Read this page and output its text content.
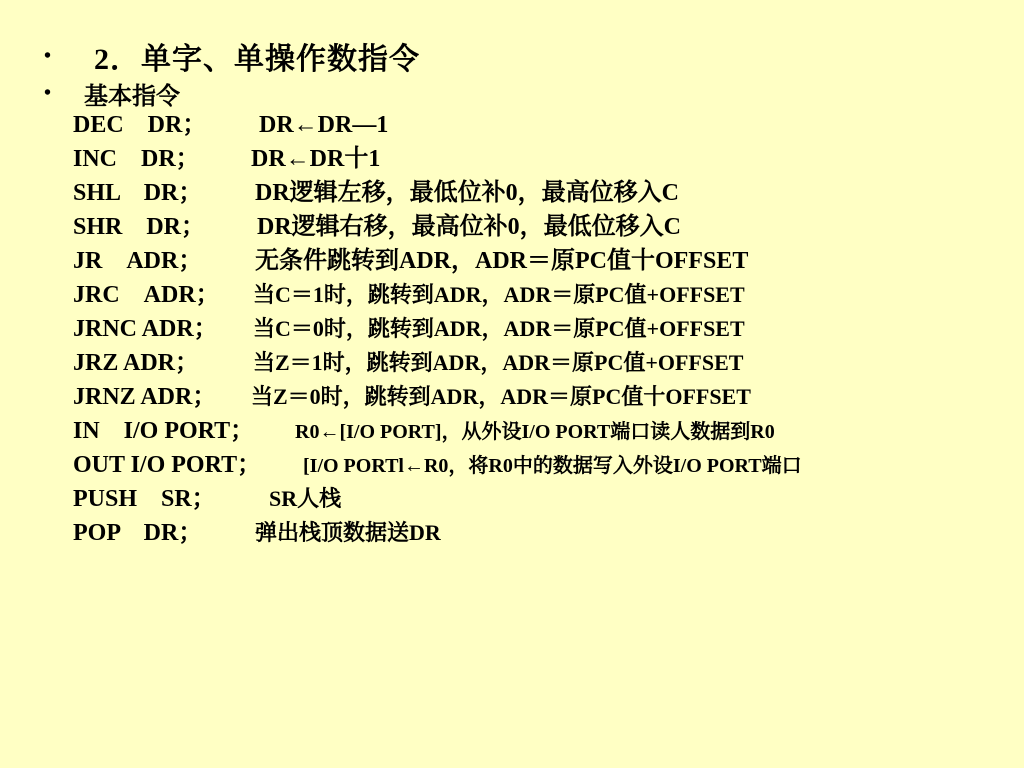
•	2．单字、单操作数指令
•	基本指令
DEC　DR； DR←DR—1
INC　DR； DR←DR十1
SHL　DR； DR逻辑左移，最低位补0，最高位移入C
SHR　DR； DR逻辑右移，最高位补0，最低位移入C
JR　ADR； 无条件跳转到ADR，ADR＝原PC值十OFFSET
JRC　ADR； 当C＝1时，跳转到ADR，ADR＝原PC值+OFFSET
JRNC ADR； 当C＝0时，跳转到ADR，ADR＝原PC值+OFFSET
JRZ ADR； 当Z＝1时，跳转到ADR，ADR＝原PC值+OFFSET
JRNZ ADR； 当Z＝0时，跳转到ADR，ADR＝原PC值十OFFSET
IN　I/O PORT； R0←[I/O PORT]，从外设I/O PORT端口读人数据到R0
OUT I/O PORT； [I/O PORTl←R0，将R0中的数据写入外设I/O PORT端口
PUSH　SR； SR人栈
POP　DR； 弹出栈顶数据送DR
